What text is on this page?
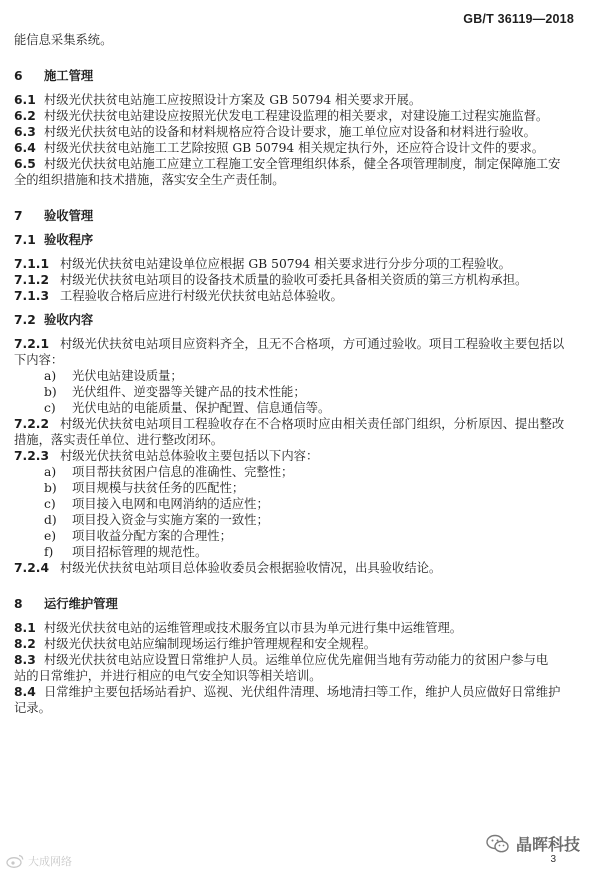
GB/T 36119—2018
能信息采集系统。
6 施工管理
6.1 村级光伏扶贫电站施工应按照设计方案及 GB 50794 相关要求开展。
6.2 村级光伏扶贫电站建设应按照光伏发电工程建设监理的相关要求，对建设施工过程实施监督。
6.3 村级光伏扶贫电站的设备和材料规格应符合设计要求，施工单位应对设备和材料进行验收。
6.4 村级光伏扶贫电站施工工艺除按照 GB 50794 相关规定执行外，还应符合设计文件的要求。
6.5 村级光伏扶贫电站施工应建立工程施工安全管理组织体系，健全各项管理制度，制定保障施工安
全的组织措施和技术措施，落实安全生产责任制。
7 验收管理
7.1 验收程序
7.1.1 村级光伏扶贫电站建设单位应根据 GB 50794 相关要求进行分步分项的工程验收。
7.1.2 村级光伏扶贫电站项目的设备技术质量的验收可委托具备相关资质的第三方机构承担。
7.1.3 工程验收合格后应进行村级光伏扶贫电站总体验收。
7.2 验收内容
7.2.1 村级光伏扶贫电站项目应资料齐全，且无不合格项，方可通过验收。项目工程验收主要包括以
下内容：
a) 光伏电站建设质量；
b) 光伏组件、逆变器等关键产品的技术性能；
c) 光伏电站的电能质量、保护配置、信息通信等。
7.2.2 村级光伏扶贫电站项目工程验收存在不合格项时应由相关责任部门组织，分析原因、提出整改
措施，落实责任单位、进行整改闭环。
7.2.3 村级光伏扶贫电站总体验收主要包括以下内容：
a) 项目帮扶贫困户信息的准确性、完整性；
b) 项目规模与扶贫任务的匹配性；
c) 项目接入电网和电网消纳的适应性；
d) 项目投入资金与实施方案的一致性；
e) 项目收益分配方案的合理性；
f) 项目招标管理的规范性。
7.2.4 村级光伏扶贫电站项目总体验收委员会根据验收情况，出具验收结论。
8 运行维护管理
8.1 村级光伏扶贫电站的运维管理或技术服务宜以市县为单元进行集中运维管理。
8.2 村级光伏扶贫电站应编制现场运行维护管理规程和安全规程。
8.3 村级光伏扶贫电站应设置日常维护人员。运维单位应优先雇佣当地有劳动能力的贫困户参与电
站的日常维护，并进行相应的电气安全知识等相关培训。
8.4 日常维护主要包括场站看护、巡视、光伏组件清理、场地清扫等工作，维护人员应做好日常维护
记录。
大成网络
晶晖科技
3
